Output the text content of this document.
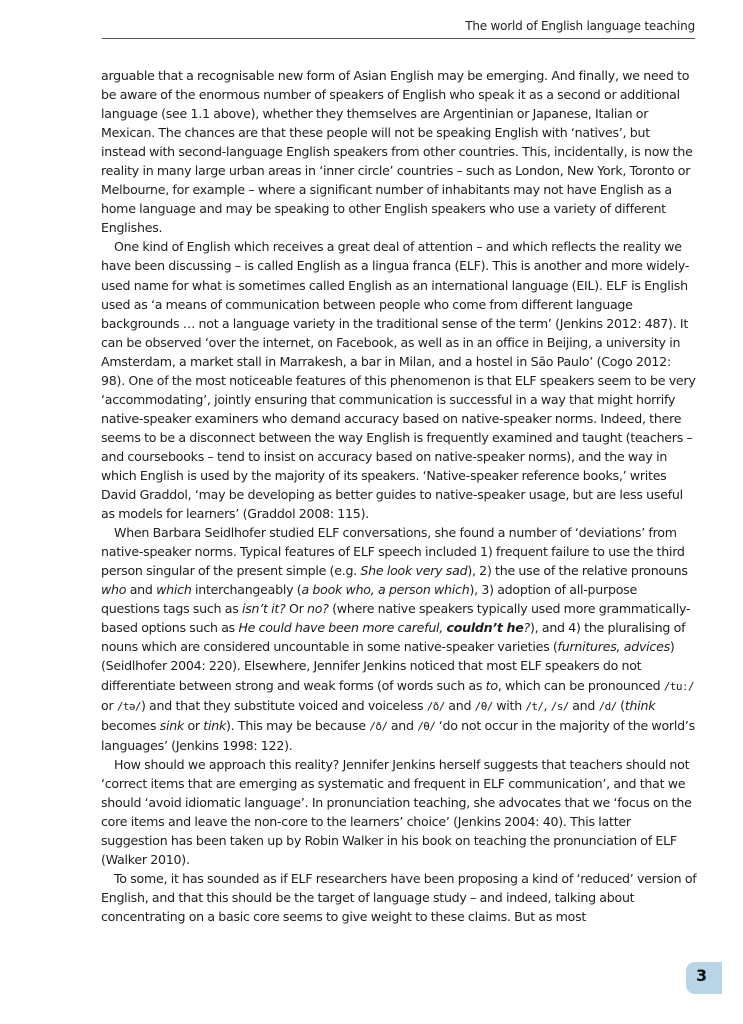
The world of English language teaching

arguable that a recognisable new form of Asian English may be emerging. And finally, we need to be aware of the enormous number of speakers of English who speak it as a second or additional language (see 1.1 above), whether they themselves are Argentinian or Japanese, Italian or Mexican. The chances are that these people will not be speaking English with ‘natives’, but instead with second-language English speakers from other countries. This, incidentally, is now the reality in many large urban areas in ‘inner circle’ countries – such as London, New York, Toronto or Melbourne, for example – where a significant number of inhabitants may not have English as a home language and may be speaking to other English speakers who use a variety of different Englishes.

One kind of English which receives a great deal of attention – and which reflects the reality we have been discussing – is called English as a lingua franca (ELF). This is another and more widely-used name for what is sometimes called English as an international language (EIL). ELF is English used as ‘a means of communication between people who come from different language backgrounds … not a language variety in the traditional sense of the term’ (Jenkins 2012: 487). It can be observed ‘over the internet, on Facebook, as well as in an office in Beijing, a university in Amsterdam, a market stall in Marrakesh, a bar in Milan, and a hostel in São Paulo’ (Cogo 2012: 98). One of the most noticeable features of this phenomenon is that ELF speakers seem to be very ‘accommodating’, jointly ensuring that communication is successful in a way that might horrify native-speaker examiners who demand accuracy based on native-speaker norms. Indeed, there seems to be a disconnect between the way English is frequently examined and taught (teachers – and coursebooks – tend to insist on accuracy based on native-speaker norms), and the way in which English is used by the majority of its speakers. ‘Native-speaker reference books,’ writes David Graddol, ‘may be developing as better guides to native-speaker usage, but are less useful as models for learners’ (Graddol 2008: 115).

When Barbara Seidlhofer studied ELF conversations, she found a number of ‘deviations’ from native-speaker norms. Typical features of ELF speech included 1) frequent failure to use the third person singular of the present simple (e.g. She look very sad), 2) the use of the relative pronouns who and which interchangeably (a book who, a person which), 3) adoption of all-purpose questions tags such as isn’t it? Or no? (where native speakers typically used more grammatically-based options such as He could have been more careful, couldn’t he?), and 4) the pluralising of nouns which are considered uncountable in some native-speaker varieties (furnitures, advices) (Seidlhofer 2004: 220). Elsewhere, Jennifer Jenkins noticed that most ELF speakers do not differentiate between strong and weak forms (of words such as to, which can be pronounced /tuː/ or /tə/) and that they substitute voiced and voiceless /ð/ and /θ/ with /t/, /s/ and /d/ (think becomes sink or tink). This may be because /ð/ and /θ/ ‘do not occur in the majority of the world’s languages’ (Jenkins 1998: 122).

How should we approach this reality? Jennifer Jenkins herself suggests that teachers should not ‘correct items that are emerging as systematic and frequent in ELF communication’, and that we should ‘avoid idiomatic language’. In pronunciation teaching, she advocates that we ‘focus on the core items and leave the non-core to the learners’ choice’ (Jenkins 2004: 40). This latter suggestion has been taken up by Robin Walker in his book on teaching the pronunciation of ELF (Walker 2010).

To some, it has sounded as if ELF researchers have been proposing a kind of ‘reduced’ version of English, and that this should be the target of language study – and indeed, talking about concentrating on a basic core seems to give weight to these claims. But as most

3
